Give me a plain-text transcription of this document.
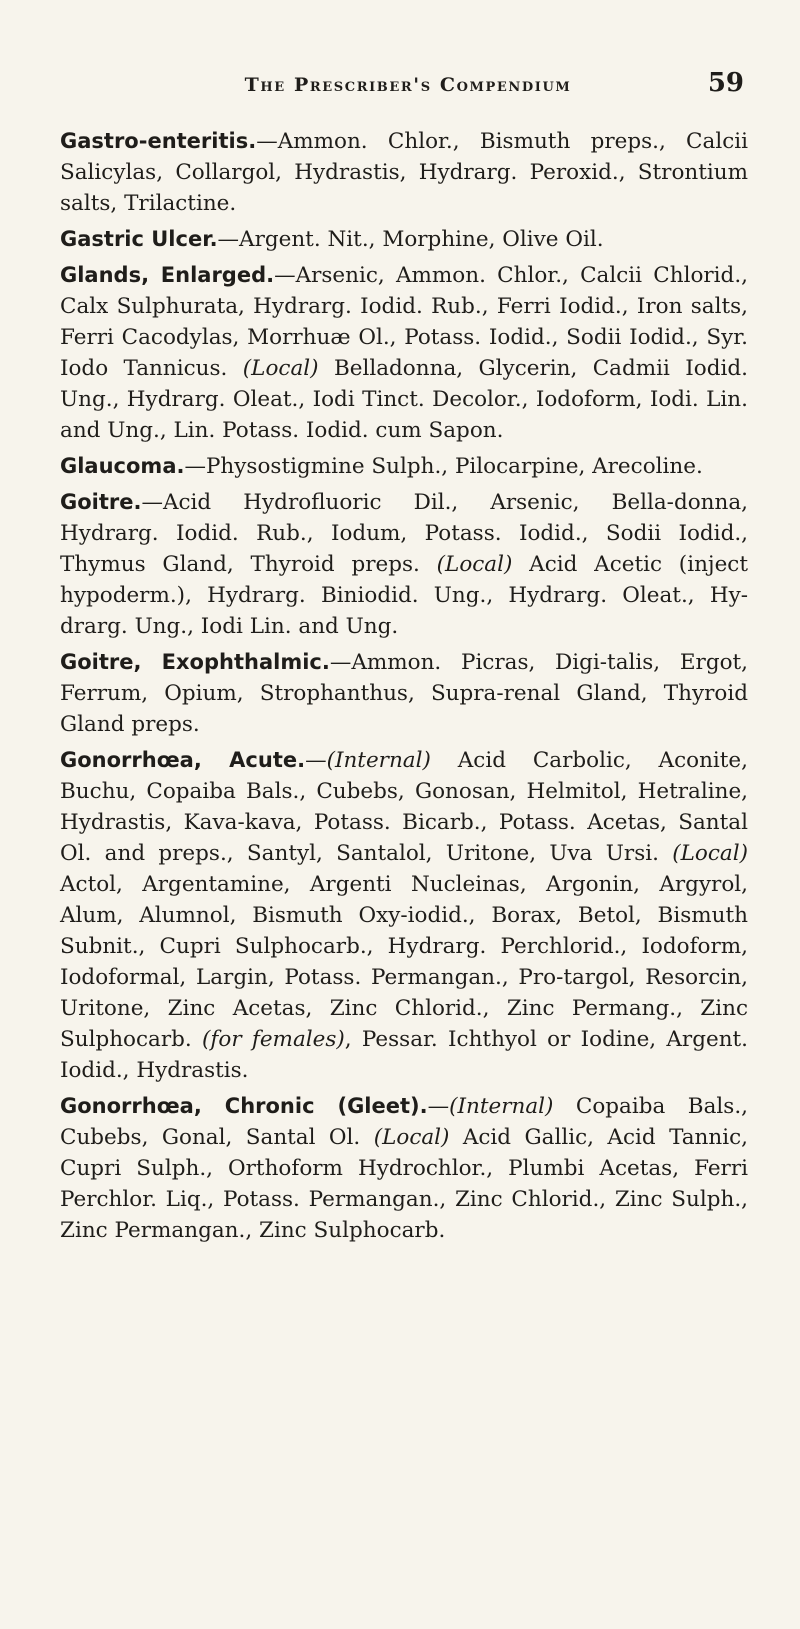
The Prescriber's Compendium	59

Gastro-enteritis.—Ammon. Chlor., Bismuth preps., Calcii Salicylas, Collargol, Hydrastis, Hydrarg. Peroxid., Strontium salts, Trilactine.

Gastric Ulcer.—Argent. Nit., Morphine, Olive Oil.

Glands, Enlarged.—Arsenic, Ammon. Chlor., Calcii Chlorid., Calx Sulphurata, Hydrarg. Iodid. Rub., Ferri Iodid., Iron salts, Ferri Cacodylas, Morrhuæ Ol., Potass. Iodid., Sodii Iodid., Syr. Iodo Tannicus. (Local) Belladonna, Glycerin, Cadmii Iodid. Ung., Hydrarg. Oleat., Iodi Tinct. Decolor., Iodoform, Iodi. Lin. and Ung., Lin. Potass. Iodid. cum Sapon.

Glaucoma.—Physostigmine Sulph., Pilocarpine, Arecoline.

Goitre.—Acid Hydrofluoric Dil., Arsenic, Bella-donna, Hydrarg. Iodid. Rub., Iodum, Potass. Iodid., Sodii Iodid., Thymus Gland, Thyroid preps. (Local) Acid Acetic (inject hypoderm.), Hydrarg. Biniodid. Ung., Hydrarg. Oleat., Hy-drarg. Ung., Iodi Lin. and Ung.

Goitre, Exophthalmic.—Ammon. Picras, Digi-talis, Ergot, Ferrum, Opium, Strophanthus, Supra-renal Gland, Thyroid Gland preps.

Gonorrhœa, Acute.—(Internal) Acid Carbolic, Aconite, Buchu, Copaiba Bals., Cubebs, Gonosan, Helmitol, Hetraline, Hydrastis, Kava-kava, Potass. Bicarb., Potass. Acetas, Santal Ol. and preps., Santyl, Santalol, Uritone, Uva Ursi. (Local) Actol, Argentamine, Argenti Nucleinas, Argonin, Argyrol, Alum, Alumnol, Bismuth Oxy-iodid., Borax, Betol, Bismuth Subnit., Cupri Sulphocarb., Hydrarg. Perchlorid., Iodoform, Iodoformal, Largin, Potass. Permangan., Pro-targol, Resorcin, Uritone, Zinc Acetas, Zinc Chlorid., Zinc Permang., Zinc Sulphocarb. (for females), Pessar. Ichthyol or Iodine, Argent. Iodid., Hydrastis.

Gonorrhœa, Chronic (Gleet).—(Internal) Copaiba Bals., Cubebs, Gonal, Santal Ol. (Local) Acid Gallic, Acid Tannic, Cupri Sulph., Orthoform Hydrochlor., Plumbi Acetas, Ferri Perchlor. Liq., Potass. Permangan., Zinc Chlorid., Zinc Sulph., Zinc Permangan., Zinc Sulphocarb.
